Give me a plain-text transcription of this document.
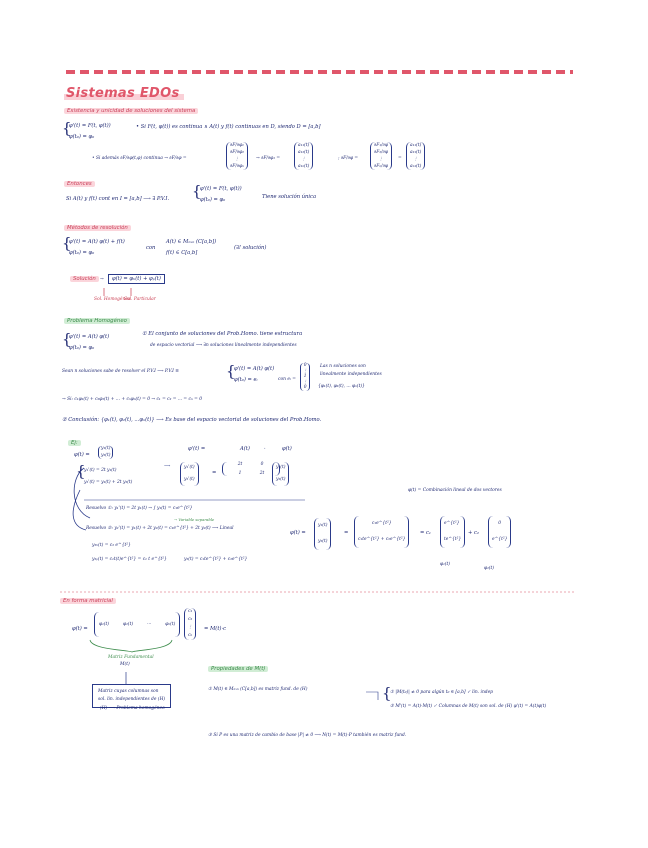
Sistemas EDOs
Existencia y unicidad de soluciones del sistema
{
φ'(t) = F(t, φ(t))
φ(t₀) = φ₀
• Si F(t, φ(t)) es continua ∧ A(t) y f(t) continuas en D, siendo D = [a,b]
• Si además ∂F/∂φ(t,φ) continua → ∂F/∂φ =
∂F/∂φ₁
∂F/∂φ₂
⋮
∂F/∂φₙ
→ ∂F/∂φ₁ =
a₁₁(t)
a₁₂(t)
⋮
a₁ₙ(t)
; ∂F/∂φ =
∂F₁/∂φ
∂F₂/∂φ
⋮
∂Fₙ/∂φ
=
a₁₁(t)
a₂₁(t)
⋮
aₙ₁(t)
Entonces
Si A(t) y f(t) cont en I = [a,b] ⟶ ∃ P.V.I. {
φ'(t) = F(t, φ(t))
φ(t₀) = φ₀	Tiene solución única
Métodos de resolución
{
φ'(t) = A(t) φ(t) + f(t)
φ(t₀) = φ₀
con
A(t) ∈ Mₙₓₙ (C[a,b])
f(t) ∈ C[a,b]
(∃! solución)
Solución →	φ(t) = φₕ(t) + φₚ(t)
Sol. Homogénea
Sol. Particular
Problema Homogéneo
{
φ'(t) = A(t) φ(t)
φ(t₀) = φ₀
① El conjunto de soluciones del Prob.Homo. tiene estructura
de espacio vectorial ⟶ ∃n soluciones linealmente independientes
Sean n soluciones sabe de resolver el P.V.I ⟶ P.V.I ≡	{
φ'(t) = A(t) φ(t)
φ(t₀) = eᵢ	con eᵢ =
0
⋮
1
⋮
0
Las n soluciones son
linealmente independientes
{φ₁(t), φ₂(t), ... φₙ(t)}
→ Si: c₁φ₁(t) + c₂φ₂(t) + ... + cₙφₙ(t) = 0 → c₁ = c₂ = ... = cₙ = 0
② Conclusión: {φ₁(t), φ₂(t), ...φₙ(t)} ⟶ Es base del espacio vectorial de soluciones del Prob.Homo.
Ej:
φ(t) =
y₁(t)
y₂(t)
φ'(t) =	A(t)	·	φ(t)
{
y₁'(t) = 2t y₁(t)
y₂'(t) = y₁(t) + 2t y₂(t)
⟶	y₁'(t)
y₂'(t)
=
2t	0
1	2t
y₁(t)
y₂(t)
φ(t) = Combinación lineal de dos vectores
Resuelvo ①: y₁'(t) = 2t y₁(t) → ∫ y₁(t) = c₁e^{t²}
→ Variable separable
Resuelvo ②: y₂'(t) = y₁(t) + 2t y₂(t) = c₁e^{t²} + 2t y₂(t) ⟶ Lineal
y₂ₕ(t) = c₂ e^{t²}
y₂ₚ(t) = c₁t(t)e^{t²} = c₁ t e^{t²}	y₂(t) = c₁te^{t²} + c₂e^{t²}
φ(t) =
y₁(t)
y₂(t)
=
c₁e^{t²}
c₁te^{t²} + c₂e^{t²}
= c₁
e^{t²}
te^{t²}
+ c₂
0
e^{t²}
φ₁(t)
φ₂(t)
En forma matricial
φ(t) =
φ₁(t)	φ₂(t)	···	φₙ(t)
c₁
c₂
⋮
cₙ
= M(t)·c
Matriz Fundamental
M(t)
Matriz cuyas columnas son
sol. lin. independientes de (H)
(H) ⟶ Problema homogéneo
Propiedades de M(t)
① M(t) ∈ Mₙₓₙ (C[a,b]) es matriz fund. de (H)	{
① |M(t₀)| ≠ 0 para algún t₀ ∈ [a,b] ✓ lin. indep
② M'(t) = A(t)·M(t) ✓ Columnas de M(t) son sol. de (H) φ'(t) = A(t)φ(t)
③ Si P es una matriz de cambio de base |P| ≠ 0 ⟶ N(t) = M(t)·P también es matriz fund.
